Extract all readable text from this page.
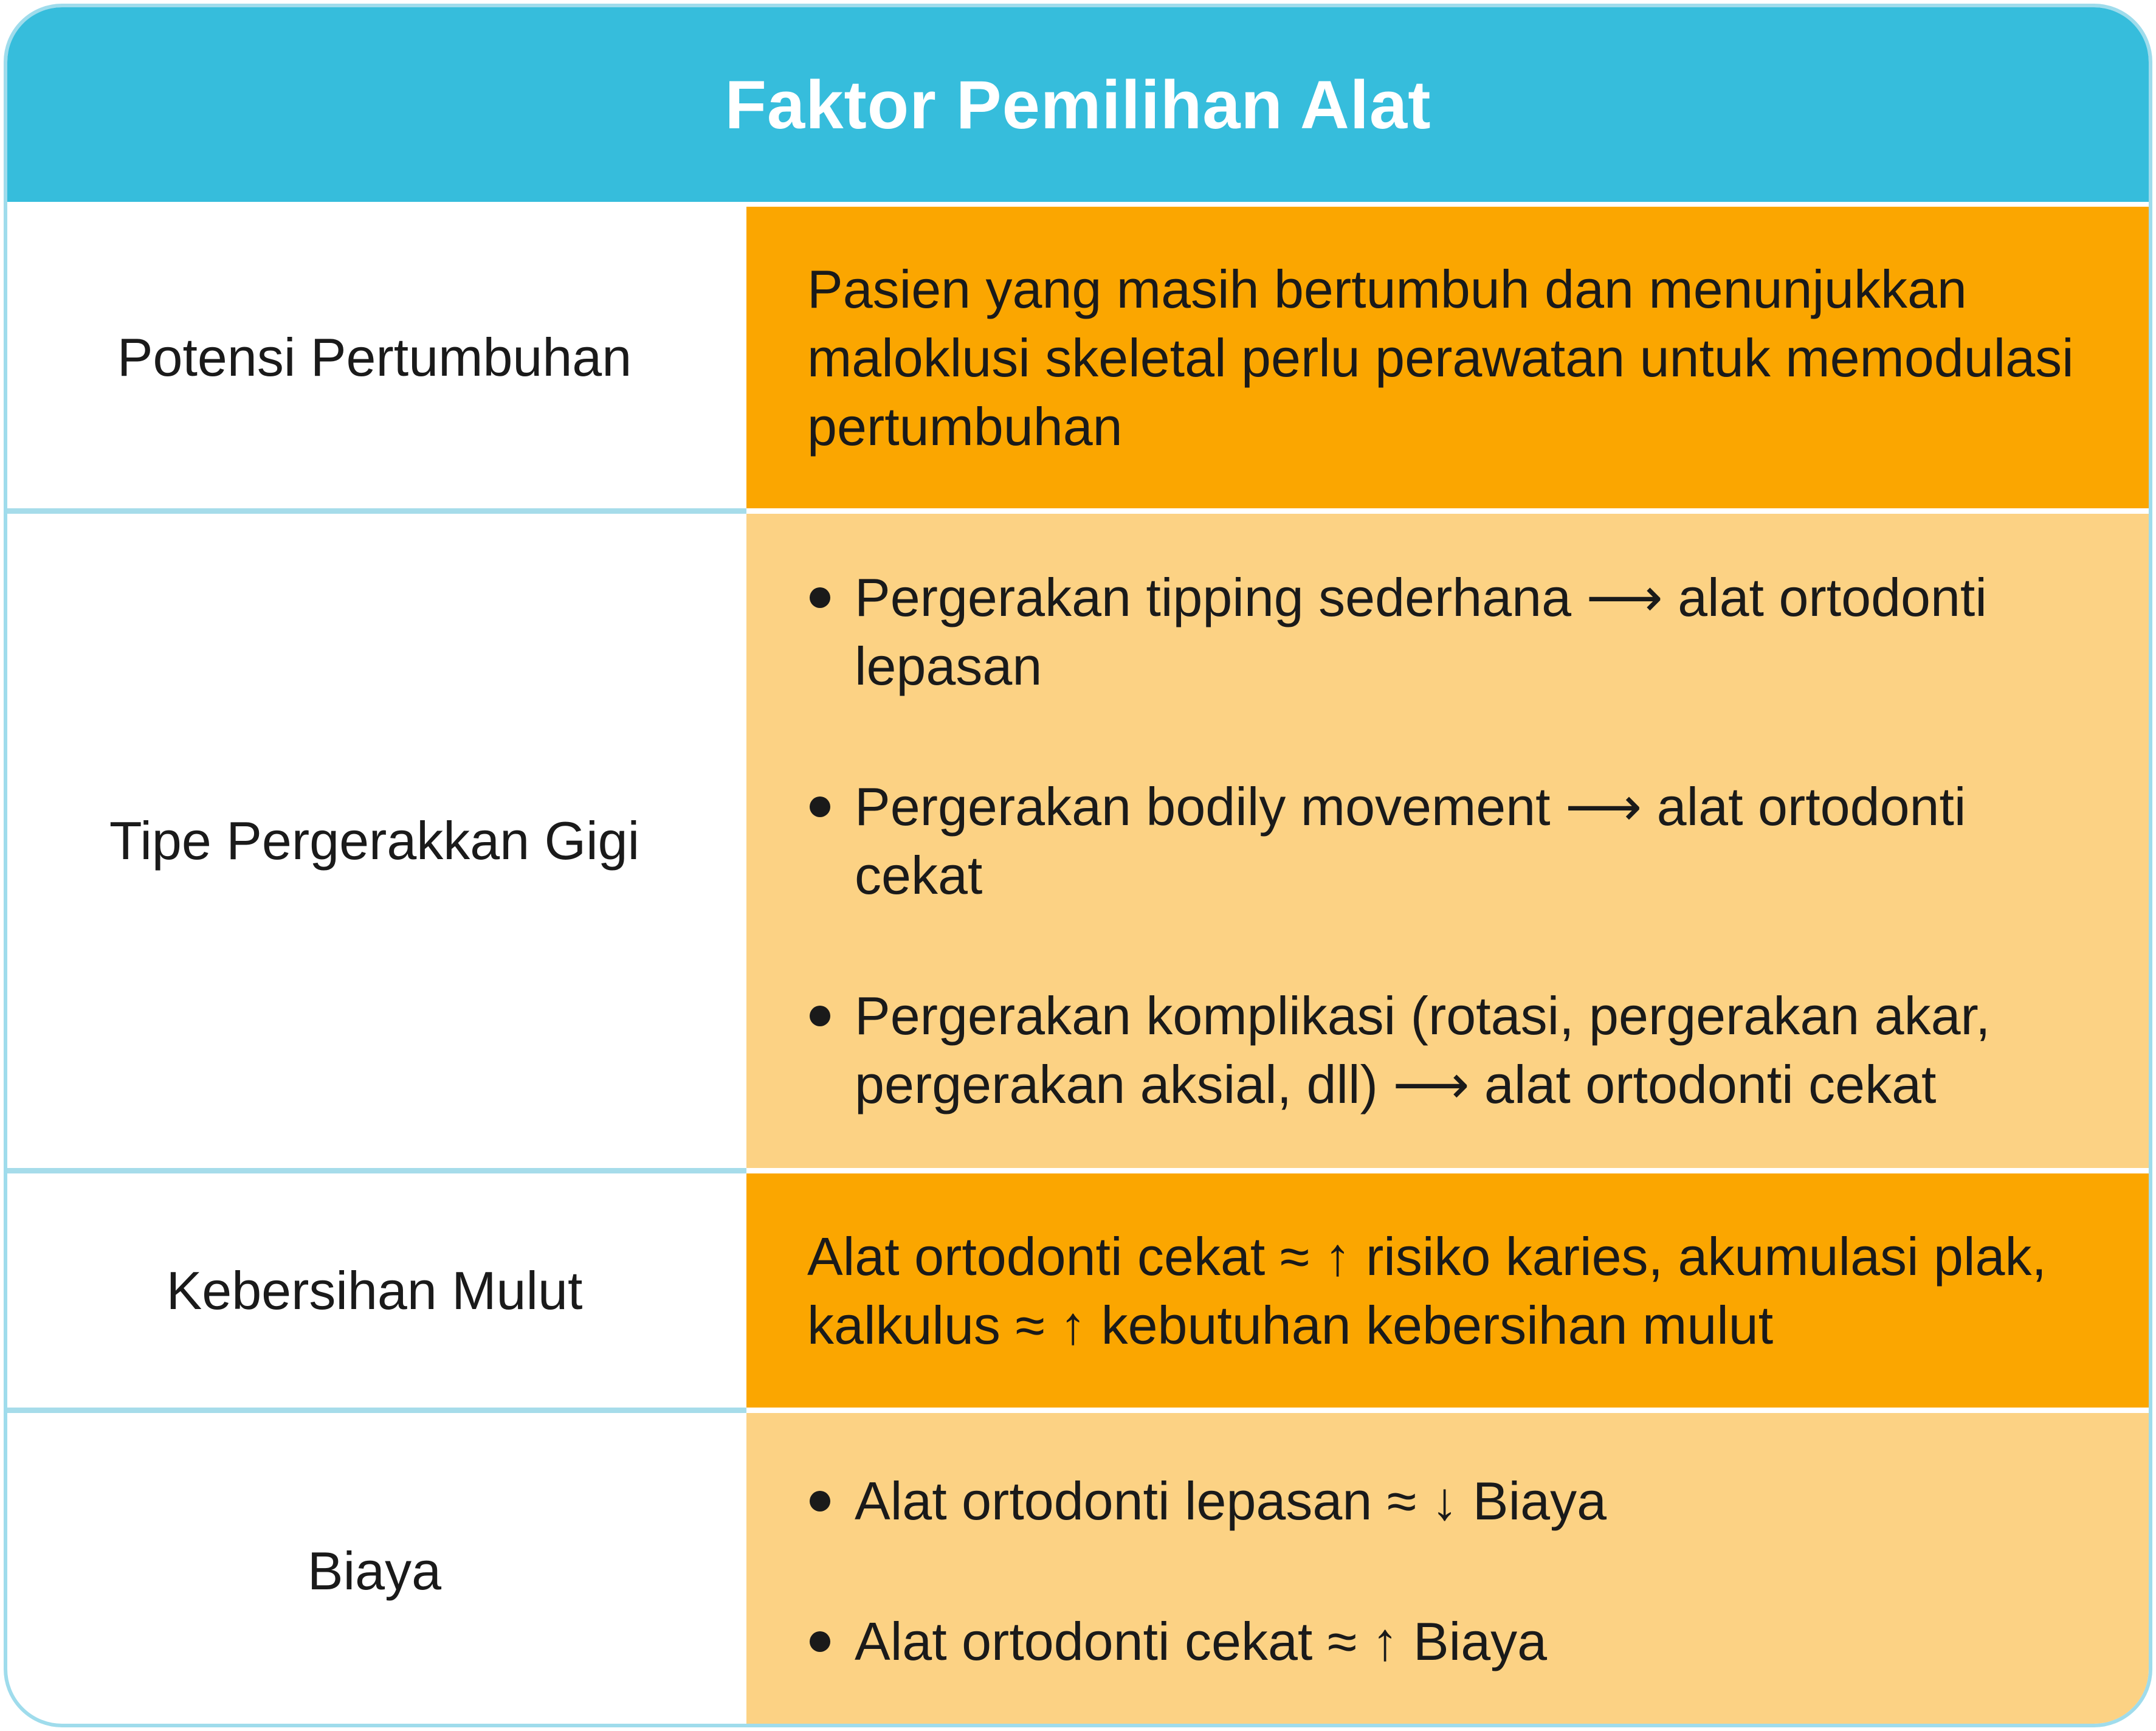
Faktor Pemilihan Alat
Potensi Pertumbuhan

Pasien yang masih bertumbuh dan menunjukkan maloklusi skeletal perlu perawatan untuk memodulasi pertumbuhan

Tipe Pergerakkan Gigi
Pergerakan tipping sederhana ⟶ alat ortodonti lepasan
Pergerakan bodily movement ⟶ alat ortodonti cekat
Pergerakan komplikasi (rotasi, pergerakan akar, pergerakan aksial, dll) ⟶ alat ortodonti cekat
Kebersihan Mulut

Alat ortodonti cekat ≈ ↑ risiko karies, akumulasi plak, kalkulus ≈ ↑ kebutuhan kebersihan mulut

Biaya
Alat ortodonti lepasan ≈ ↓ Biaya
Alat ortodonti cekat ≈ ↑ Biaya
